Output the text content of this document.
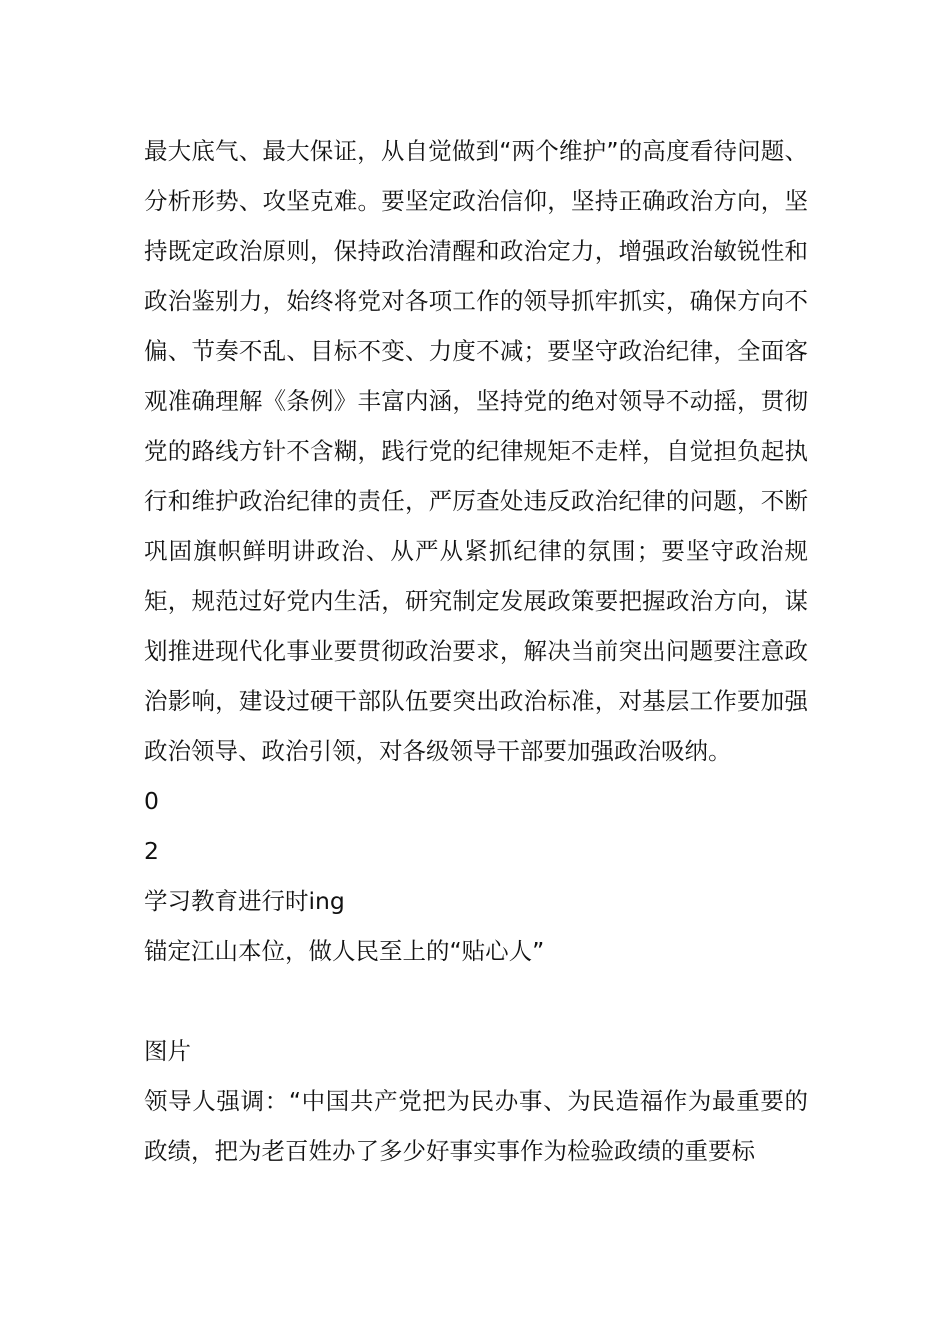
最大底气、最大保证，从自觉做到“两个维护”的高度看待问题、分析形势、攻坚克难。要坚定政治信仰，坚持正确政治方向，坚持既定政治原则，保持政治清醒和政治定力，增强政治敏锐性和政治鉴别力，始终将党对各项工作的领导抓牢抓实，确保方向不偏、节奏不乱、目标不变、力度不减；要坚守政治纪律，全面客观准确理解《条例》丰富内涵，坚持党的绝对领导不动摇，贯彻党的路线方针不含糊，践行党的纪律规矩不走样，自觉担负起执行和维护政治纪律的责任，严厉查处违反政治纪律的问题，不断巩固旗帜鲜明讲政治、从严从紧抓纪律的氛围；要坚守政治规矩，规范过好党内生活，研究制定发展政策要把握政治方向，谋划推进现代化事业要贯彻政治要求，解决当前突出问题要注意政治影响，建设过硬干部队伍要突出政治标准，对基层工作要加强政治领导、政治引领，对各级领导干部要加强政治吸纳。

0
2
学习教育进行时ing
锚定江山本位，做人民至上的“贴心人”
图片

领导人强调：“中国共产党把为民办事、为民造福作为最重要的政绩，把为老百姓办了多少好事实事作为检验政绩的重要标
